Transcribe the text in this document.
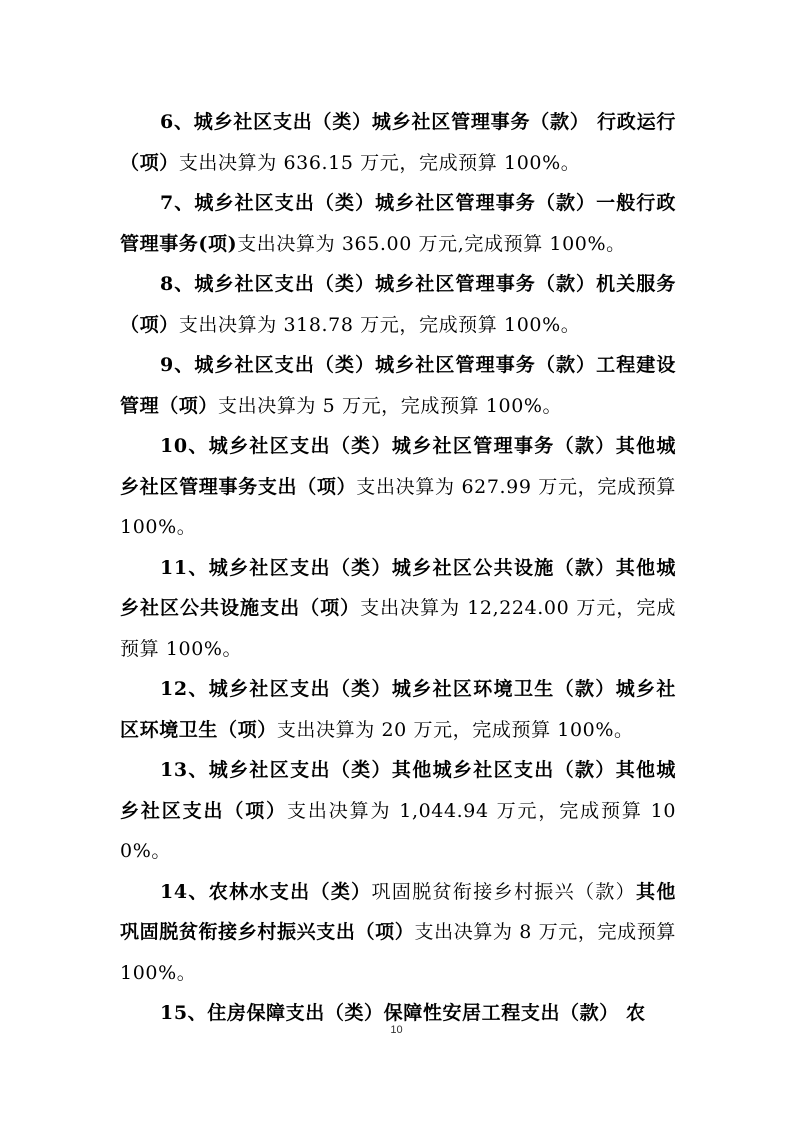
6、城乡社区支出（类）城乡社区管理事务（款） 行政运行（项）支出决算为 636.15 万元，完成预算 100%。

7、城乡社区支出（类）城乡社区管理事务（款）一般行政管理事务(项)支出决算为 365.00 万元,完成预算 100%。

8、城乡社区支出（类）城乡社区管理事务（款）机关服务（项）支出决算为 318.78 万元，完成预算 100%。

9、城乡社区支出（类）城乡社区管理事务（款）工程建设管理（项）支出决算为 5 万元，完成预算 100%。

10、城乡社区支出（类）城乡社区管理事务（款）其他城乡社区管理事务支出（项）支出决算为 627.99 万元，完成预算 100%。

11、城乡社区支出（类）城乡社区公共设施（款）其他城乡社区公共设施支出（项）支出决算为 12,224.00 万元，完成预算 100%。

12、城乡社区支出（类）城乡社区环境卫生（款）城乡社区环境卫生（项）支出决算为 20 万元，完成预算 100%。

13、城乡社区支出（类）其他城乡社区支出（款）其他城乡社区支出（项）支出决算为 1,044.94 万元，完成预算 100%。

14、农林水支出（类）巩固脱贫衔接乡村振兴（款）其他巩固脱贫衔接乡村振兴支出（项）支出决算为 8 万元，完成预算 100%。

15、住房保障支出（类）保障性安居工程支出（款） 农

10
